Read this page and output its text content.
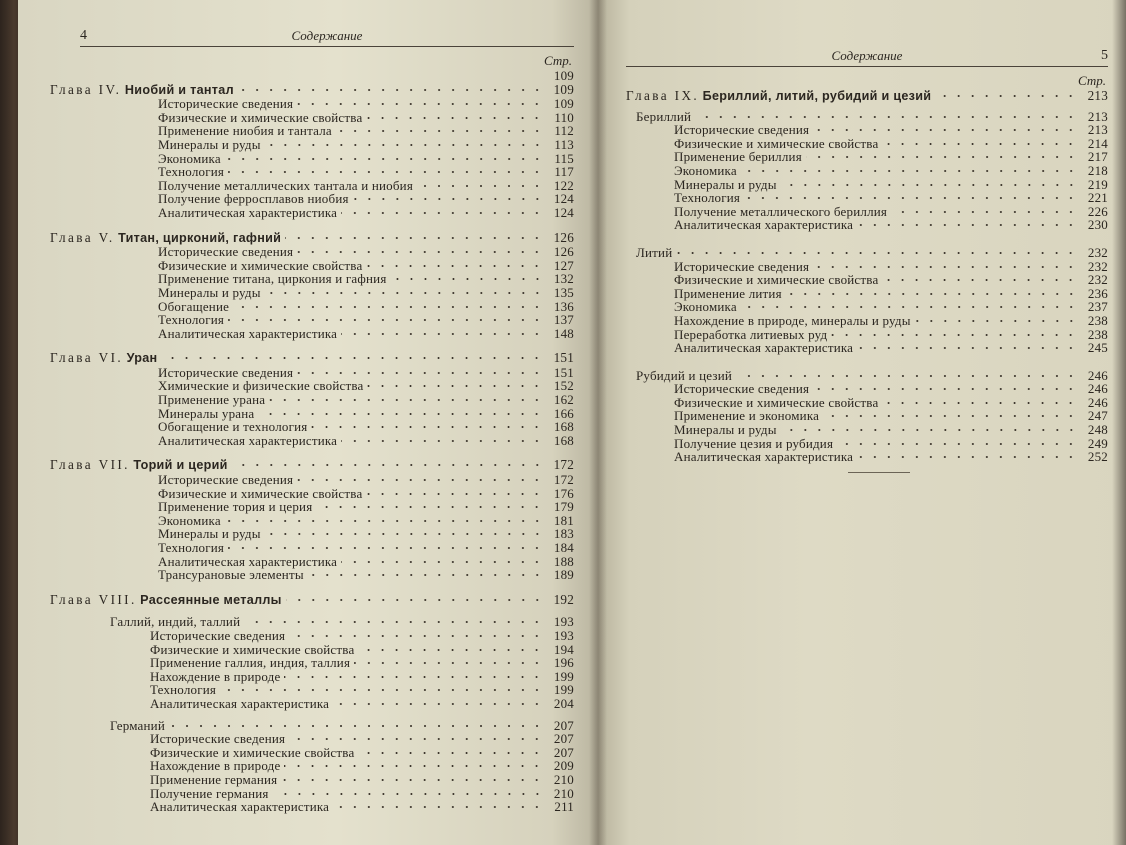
4	Содержание
Стр.
109
Глава IV. Ниобий и тантал	109
Исторические сведения	109
Физические и химические свойства	110
Применение ниобия и тантала	112
Минералы и руды	113
Экономика	115
Технология	117
Получение металлических тантала и ниобия	122
Получение ферросплавов ниобия	124
Аналитическая характеристика	124
Глава V. Титан, цирконий, гафний	126
Исторические сведения	126
Физические и химические свойства	127
Применение титана, циркония и гафния	132
Минералы и руды	135
Обогащение	136
Технология	137
Аналитическая характеристика	148
Глава VI. Уран	151
Исторические сведения	151
Химические и физические свойства	152
Применение урана	162
Минералы урана	166
Обогащение и технология	168
Аналитическая характеристика	168
Глава VII. Торий и церий	172
Исторические сведения	172
Физические и химические свойства	176
Применение тория и церия	179
Экономика	181
Минералы и руды	183
Технология	184
Аналитическая характеристика	188
Трансурановые элементы	189
Глава VIII. Рассеянные металлы	192
Галлий, индий, таллий	193
Исторические сведения	193
Физические и химические свойства	194
Применение галлия, индия, таллия	196
Нахождение в природе	199
Технология	199
Аналитическая характеристика	204
Германий	207
Исторические сведения	207
Физические и химические свойства	207
Нахождение в природе	209
Применение германия	210
Получение германия	210
Аналитическая характеристика	211
Содержание	5
Стр.
Глава IX. Бериллий, литий, рубидий и цезий	213
Бериллий	213
Исторические сведения	213
Физические и химические свойства	214
Применение бериллия	217
Экономика	218
Минералы и руды	219
Технология	221
Получение металлического бериллия	226
Аналитическая характеристика	230
Литий	232
Исторические сведения	232
Физические и химические свойства	232
Применение лития	236
Экономика	237
Нахождение в природе, минералы и руды	238
Переработка литиевых руд	238
Аналитическая характеристика	245
Рубидий и цезий	246
Исторические сведения	246
Физические и химические свойства	246
Применение и экономика	247
Минералы и руды	248
Получение цезия и рубидия	249
Аналитическая характеристика	252
